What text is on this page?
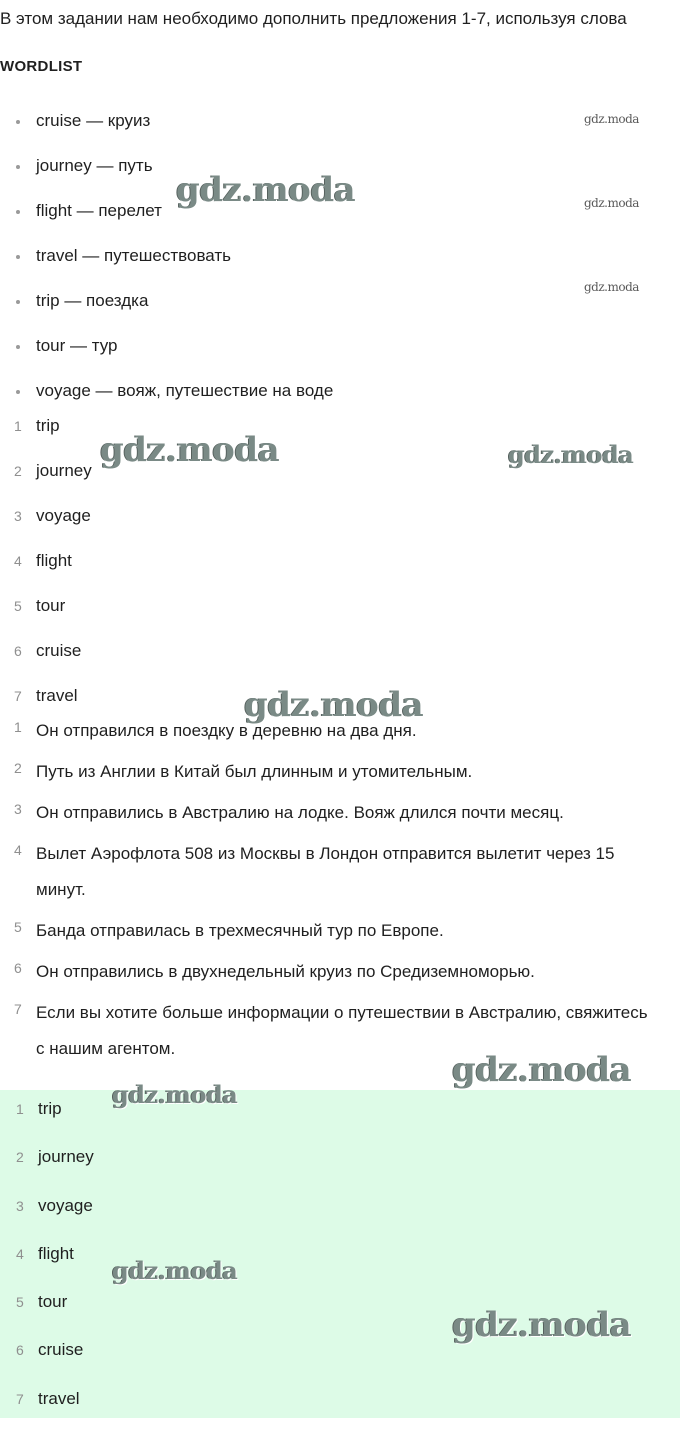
В этом задании нам необходимо дополнить предложения 1-7, используя слова
WORDLIST
cruise — круиз
journey — путь
flight — перелет
travel — путешествовать
trip — поездка
tour — тур
voyage — вояж, путешествие на воде
1 trip
2 journey
3 voyage
4 flight
5 tour
6 cruise
7 travel
1 Он отправился в поездку в деревню на два дня.
2 Путь из Англии в Китай был длинным и утомительным.
3 Он отправились в Австралию на лодке. Вояж длился почти месяц.
4 Вылет Аэрофлота 508 из Москвы в Лондон отправится вылетит через 15 минут.
5 Банда отправилась в трехмесячный тур по Европе.
6 Он отправились в двухнедельный круиз по Средиземноморью.
7 Если вы хотите больше информации о путешествии в Австралию, свяжитесь с нашим агентом.
1 trip
2 journey
3 voyage
4 flight
5 tour
6 cruise
7 travel
gdz.moda
gdz.moda
gdz.moda
gdz.moda
gdz.moda	gdz.moda
gdz.moda
gdz.moda
gdz.moda
gdz.moda
gdz.moda
